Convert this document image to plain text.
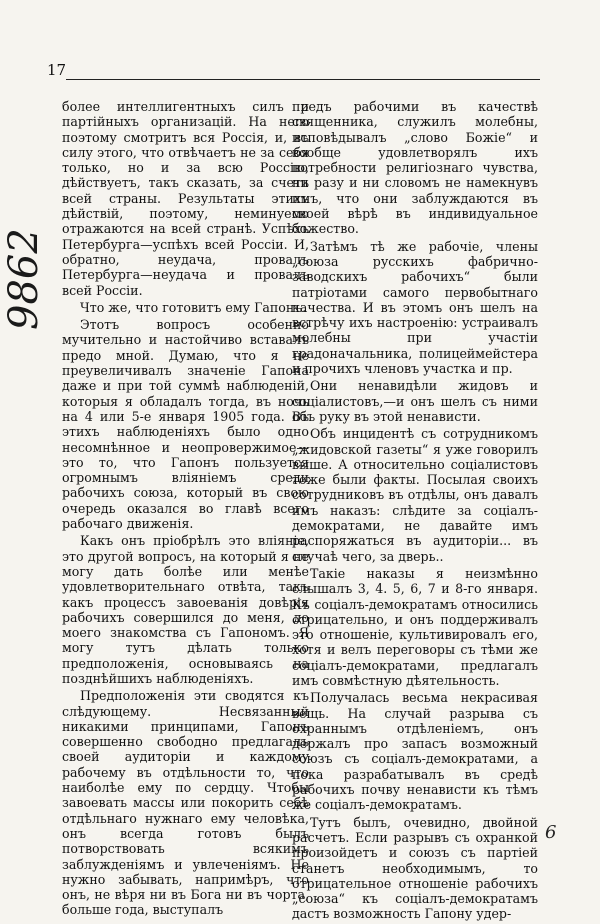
17
9862

более интеллигентныхъ силъ и партійныхъ организацій. На него поэтому смотритъ вся Россія, и, въ силу этого, что отвѣчаетъ не за себя только, но и за всю Россію, дѣйствуетъ, такъ сказать, за счетъ всей страны. Результаты этихъ дѣйствій, поэтому, неминуемо отражаются на всей странѣ. Успѣхъ Петербурга—успѣхъ всей Россіи. И, обратно, неудача, провалъ Петербурга—неудача и провалъ всей Россіи.

Что же, что готовитъ ему Гапонъ.

Этотъ вопросъ особенно мучительно и настойчиво вставалъ предо мной. Думаю, что я не преувеличивалъ значеніе Гапона даже и при той суммѣ наблюденій, которыя я обладалъ тогда, въ ночь на 4 или 5-е января 1905 года. Въ этихъ наблюденіяхъ было одно несомнѣнное и неопровержимое—это то, что Гапонъ пользуется огромнымъ вліяніемъ среди рабочихъ союза, который въ свою очередь оказался во главѣ всего рабочаго движенія.

Какъ онъ пріобрѣлъ это вліяніе, это другой вопросъ, на который я не могу дать болѣе или менѣе удовлетворительнаго отвѣта, такъ какъ процессъ завоеванія довѣрія рабочихъ совершился до меня, до моего знакомства съ Гапономъ. Я могу тутъ дѣлать только предположенія, основываясь на позднѣйшихъ наблюденіяхъ.

Предположенія эти сводятся къ слѣдующему. Несвязанный никакими принципами, Гапонъ совершенно свободно предлагалъ своей аудиторіи и каждому рабочему въ отдѣльности то, что наиболѣе ему по сердцу. Чтобы завоевать массы или покорить себѣ отдѣльнаго нужнаго ему человѣка, онъ всегда готовъ былъ потворствовать всякимъ заблужденіямъ и увлеченіямъ. Не нужно забывать, напримѣръ, что онъ, не вѣря ни въ Бога ни въ чорта, больше года, выступалъ

предъ рабочими въ качествѣ священника, служилъ молебны, исповѣдывалъ „слово Божіе“ и вообще удовлетворялъ ихъ потребности религіознаго чувства, ни разу и ни словомъ не намекнувъ имъ, что они заблуждаются въ своей вѣрѣ въ индивидуальное божество.

Затѣмъ тѣ же рабочіе, члены „союза русскихъ фабрично-заводскихъ рабочихъ“ были патріотами самого первобытнаго качества. И въ этомъ онъ шелъ на встрѣчу ихъ настроенію: устраивалъ молебны при участіи градоначальника, полицеймейстера и прочихъ членовъ участка и пр.

Они ненавидѣли жидовъ и соціалистовъ,—и онъ шелъ съ ними объ руку въ этой ненависти.

Объ инцидентѣ съ сотрудникомъ „жидовской газеты“ я уже говорилъ выше. А относительно соціалистовъ тоже были факты. Посылая своихъ сотрудниковъ въ отдѣлы, онъ давалъ имъ наказъ: слѣдите за соціалъ-демократами, не давайте имъ распоряжаться въ аудиторіи... въ случаѣ чего, за дверь..

Такіе наказы я неизмѣнно слышалъ 3, 4. 5, 6, 7 и 8-го января. Къ соціалъ-демократамъ относились отрицательно, и онъ поддерживалъ это отношеніе, культивировалъ его, хотя и велъ переговоры съ тѣми же соціалъ-демократами, предлагалъ имъ совмѣстную дѣятельность.

Получалась весьма некрасивая вещь. На случай разрыва съ охраннымъ отдѣленіемъ, онъ держалъ про запасъ возможный союзъ съ соціалъ-демократами, а пока разрабатывалъ въ средѣ рабочихъ почву ненависти къ тѣмъ же соціалъ-демократамъ.

Тутъ былъ, очевидно, двойной расчетъ. Если разрывъ съ охранкой произойдетъ и союзъ съ партіей станетъ необходимымъ, то отрицательное отношеніе рабочихъ „союза“ къ соціалъ-демократамъ дастъ возможность Гапону удер-

6
